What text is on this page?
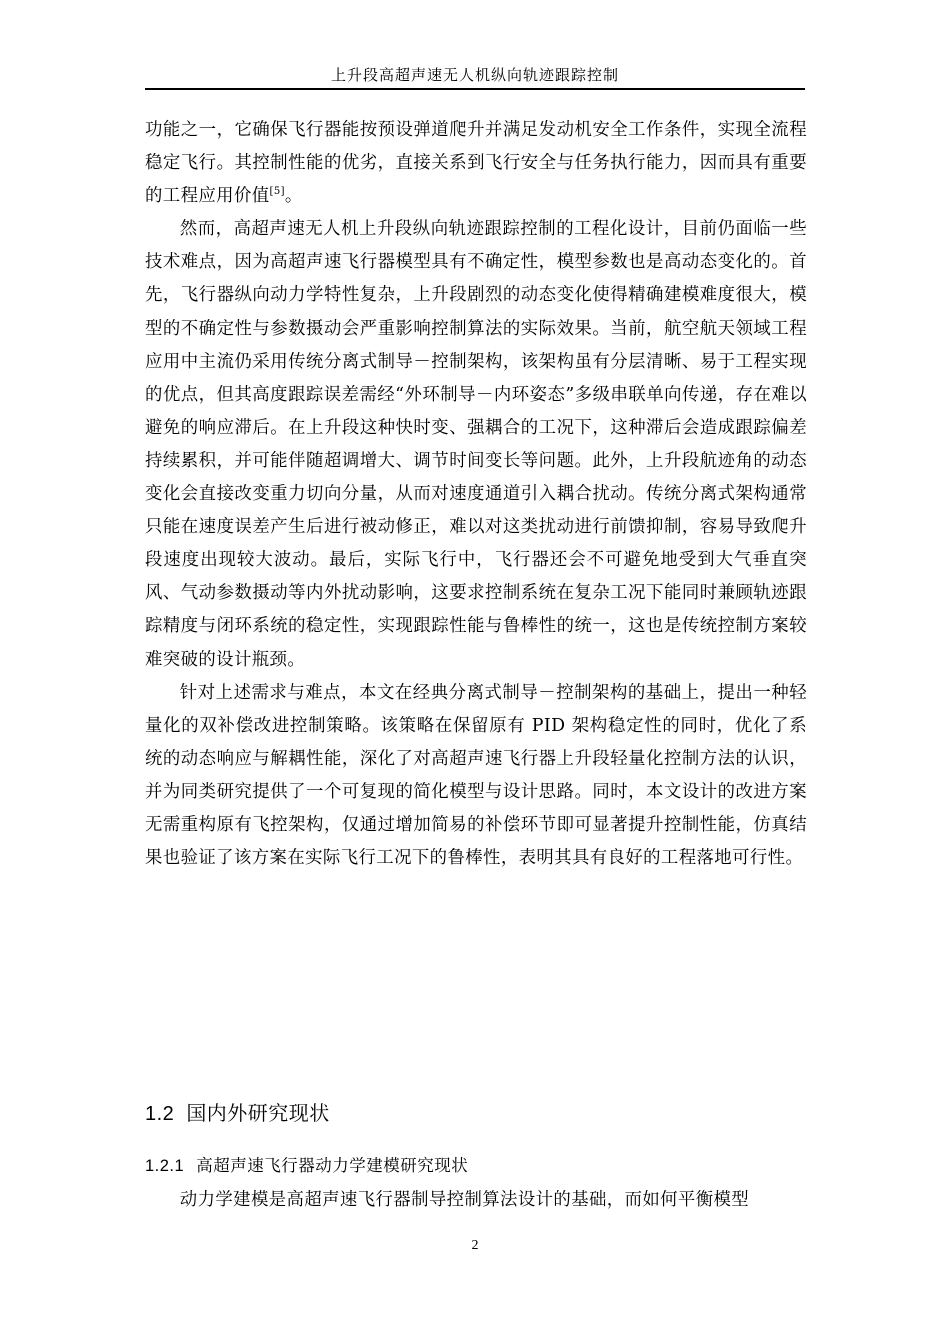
上升段高超声速无人机纵向轨迹跟踪控制

功能之一，它确保飞行器能按预设弹道爬升并满足发动机安全工作条件，实现全流程稳定飞行。其控制性能的优劣，直接关系到飞行安全与任务执行能力，因而具有重要的工程应用价值[5]。

然而，高超声速无人机上升段纵向轨迹跟踪控制的工程化设计，目前仍面临一些技术难点，因为高超声速飞行器模型具有不确定性，模型参数也是高动态变化的。首先，飞行器纵向动力学特性复杂，上升段剧烈的动态变化使得精确建模难度很大，模型的不确定性与参数摄动会严重影响控制算法的实际效果。当前，航空航天领域工程应用中主流仍采用传统分离式制导－控制架构，该架构虽有分层清晰、易于工程实现的优点，但其高度跟踪误差需经“外环制导－内环姿态”多级串联单向传递，存在难以避免的响应滞后。在上升段这种快时变、强耦合的工况下，这种滞后会造成跟踪偏差持续累积，并可能伴随超调增大、调节时间变长等问题。此外，上升段航迹角的动态变化会直接改变重力切向分量，从而对速度通道引入耦合扰动。传统分离式架构通常只能在速度误差产生后进行被动修正，难以对这类扰动进行前馈抑制，容易导致爬升段速度出现较大波动。最后，实际飞行中，飞行器还会不可避免地受到大气垂直突风、气动参数摄动等内外扰动影响，这要求控制系统在复杂工况下能同时兼顾轨迹跟踪精度与闭环系统的稳定性，实现跟踪性能与鲁棒性的统一，这也是传统控制方案较难突破的设计瓶颈。

针对上述需求与难点，本文在经典分离式制导－控制架构的基础上，提出一种轻量化的双补偿改进控制策略。该策略在保留原有 PID 架构稳定性的同时，优化了系统的动态响应与解耦性能，深化了对高超声速飞行器上升段轻量化控制方法的认识，并为同类研究提供了一个可复现的简化模型与设计思路。同时，本文设计的改进方案无需重构原有飞控架构，仅通过增加简易的补偿环节即可显著提升控制性能，仿真结果也验证了该方案在实际飞行工况下的鲁棒性，表明其具有良好的工程落地可行性。

1.2 国内外研究现状
1.2.1 高超声速飞行器动力学建模研究现状

动力学建模是高超声速飞行器制导控制算法设计的基础，而如何平衡模型

2
